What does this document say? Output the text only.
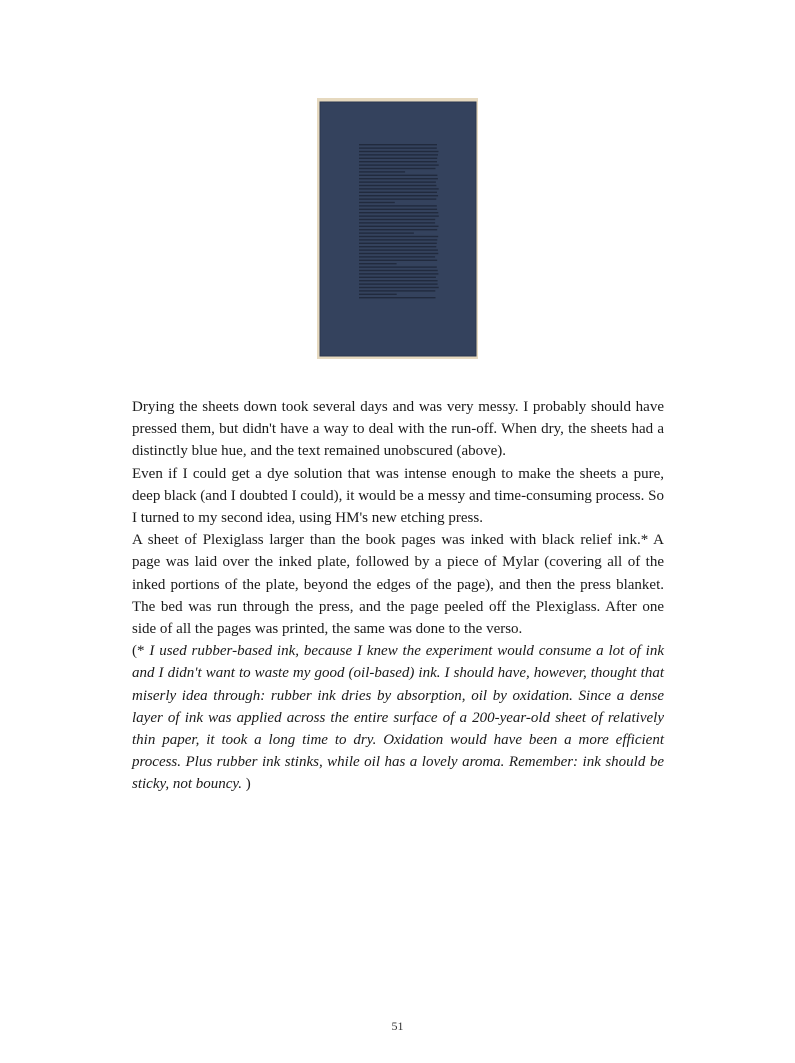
Drying the sheets down took several days and was very messy. I probably should have pressed them, but didn't have a way to deal with the run-off. When dry, the sheets had a distinctly blue hue, and the text remained unobscured (above).

Even if I could get a dye solution that was intense enough to make the sheets a pure, deep black (and I doubted I could), it would be a messy and time-consuming process. So I turned to my second idea, using HM's new etching press.

A sheet of Plexiglass larger than the book pages was inked with black relief ink.* A page was laid over the inked plate, followed by a piece of Mylar (covering all of the inked portions of the plate, beyond the edges of the page), and then the press blanket. The bed was run through the press, and the page peeled off the Plexiglass. After one side of all the pages was printed, the same was done to the verso.

(* I used rubber-based ink, because I knew the experiment would consume a lot of ink and I didn't want to waste my good (oil-based) ink. I should have, however, thought that miserly idea through: rubber ink dries by absorption, oil by oxidation. Since a dense layer of ink was applied across the entire surface of a 200-year-old sheet of relatively thin paper, it took a long time to dry. Oxidation would have been a more efficient process. Plus rubber ink stinks, while oil has a lovely aroma. Remember: ink should be sticky, not bouncy. )

51
